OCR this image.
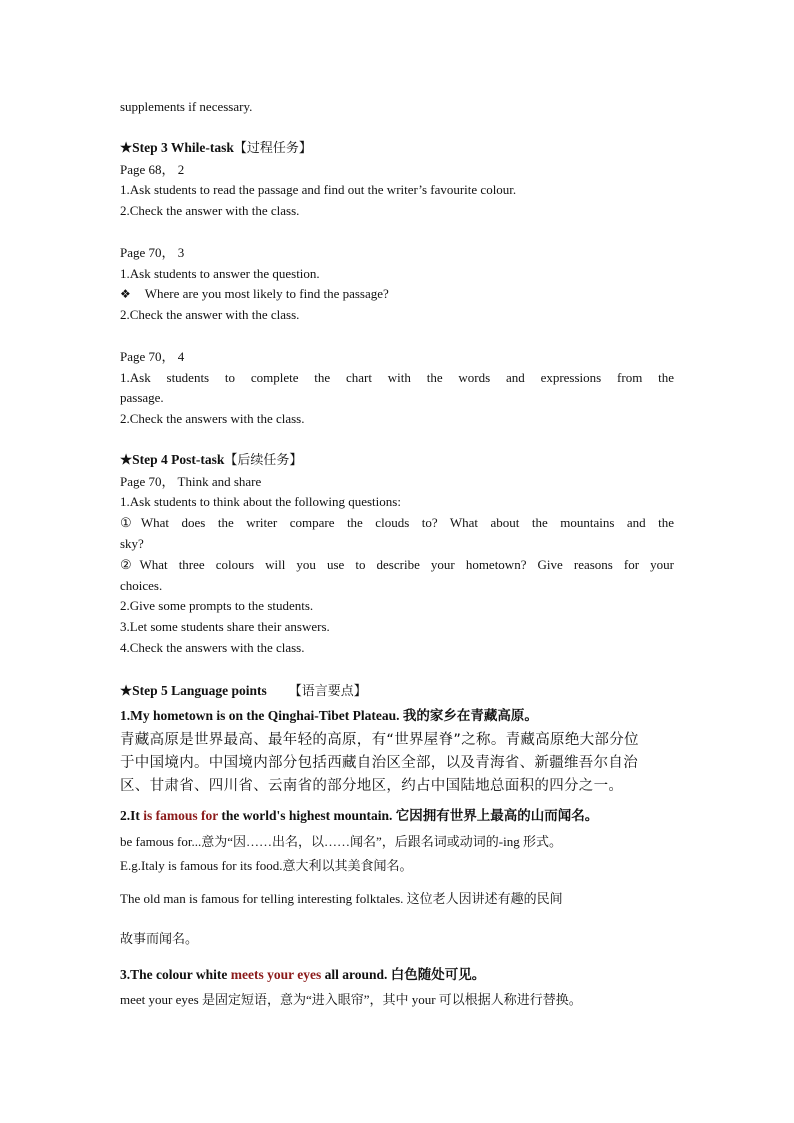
supplements if necessary.
★Step 3 While-task【过程任务】
Page 68， 2
1.Ask students to read the passage and find out the writer’s favourite colour.
2.Check the answer with the class.
Page 70， 3
1.Ask students to answer the question.
❖ Where are you most likely to find the passage?
2.Check the answer with the class.
Page 70， 4
1.Ask students to complete the chart with the words and expressions from the
passage.
2.Check the answers with the class.
★Step 4 Post-task【后续任务】
Page 70， Think and share
1.Ask students to think about the following questions:
①What does the writer compare the clouds to? What about the mountains and the
sky?
②What three colours will you use to describe your hometown? Give reasons for your
choices.
2.Give some prompts to the students.
3.Let some students share their answers.
4.Check the answers with the class.
★Step 5 Language points 【语言要点】
1.My hometown is on the Qinghai-Tibet Plateau. 我的家乡在青藏高原。
青藏高原是世界最高、最年轻的高原，有“世界屋脊”之称。青藏高原绝大部分位
于中国境内。中国境内部分包括西藏自治区全部，以及青海省、新疆维吾尔自治
区、甘肃省、四川省、云南省的部分地区，约占中国陆地总面积的四分之一。
2.It is famous for the world's highest mountain. 它因拥有世界上最高的山而闻名。
be famous for...意为“因……出名，以……闻名”，后跟名词或动词的-ing 形式。
E.g.Italy is famous for its food.意大利以其美食闻名。
The old man is famous for telling interesting folktales. 这位老人因讲述有趣的民间
故事而闻名。
3.The colour white meets your eyes all around. 白色随处可见。
meet your eyes 是固定短语，意为“进入眼帘”，其中 your 可以根据人称进行替换。
